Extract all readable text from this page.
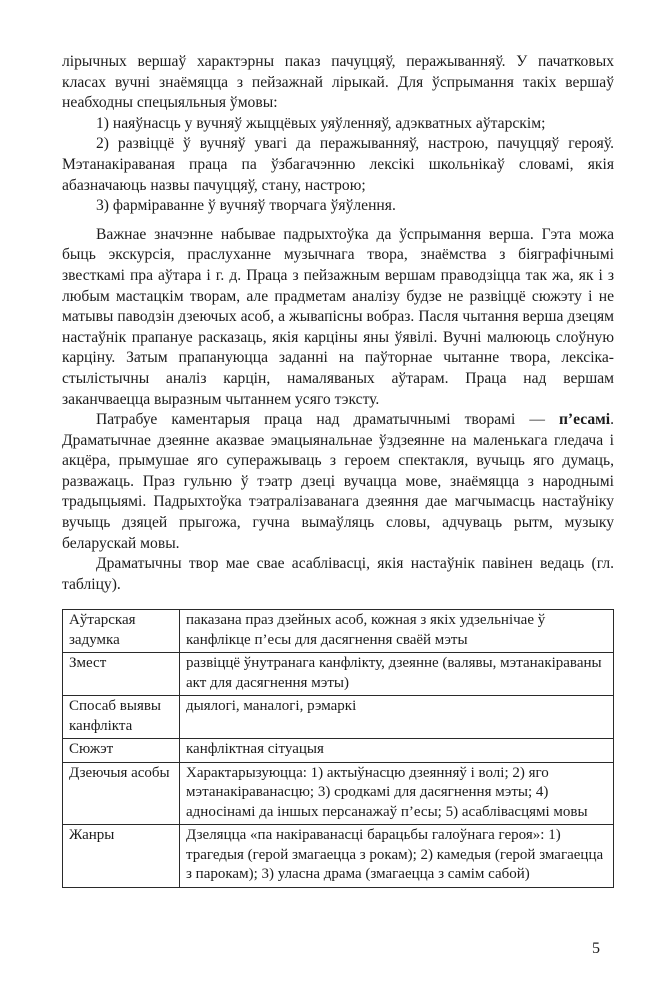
лірычных вершаў характэрны паказ пачуццяў, перажыванняў. У пачатковых класах вучні знаёмяцца з пейзажнай лірыкай. Для ўспрымання такіх вершаў неабходны спецыяльныя ўмовы:

1) наяўнасць у вучняў жыццёвых уяўленняў, адэкватных аўтарскім;

2) развіццё ў вучняў увагі да перажыванняў, настрою, пачуццяў герояў. Мэтанакіраваная праца па ўзбагачэнню лексікі школьнікаў словамі, якія абазначаюць назвы пачуццяў, стану, настрою;

3) фарміраванне ў вучняў творчага ўяўлення.

Важнае значэнне набывае падрыхтоўка да ўспрымання верша. Гэта можа быць экскурсія, праслуханне музычнага твора, знаёмства з біяграфічнымі звесткамі пра аўтара і г. д. Праца з пейзажным вершам праводзіцца так жа, як і з любым мастацкім творам, але прадметам аналізу будзе не развіццё сюжэту і не матывы паводзін дзеючых асоб, а жывапісны вобраз. Пасля чытання верша дзецям настаўнік прапануе расказаць, якія карціны яны ўявілі. Вучні малююць слоўную карціну. Затым прапануюцца заданні на паўторнае чытанне твора, лексіка-стылістычны аналіз карцін, намаляваных аўтарам. Праца над вершам заканчваецца выразным чытаннем усяго тэксту.

Патрабуе каментарыя праца над драматычнымі творамі — п’есамі. Драматычнае дзеянне аказвае эмацыянальнае ўздзеянне на маленькага гледача і акцёра, прымушае яго суперажываць з героем спектакля, вучыць яго думаць, разважаць. Праз гульню ў тэатр дзеці вучацца мове, знаёмяцца з народнымі традыцыямі. Падрыхтоўка тэатралізаванага дзеяння дае магчымасць настаўніку вучыць дзяцей прыгожа, гучна вымаўляць словы, адчуваць рытм, музыку беларускай мовы.

Драматычны твор мае свае асаблівасці, якія настаўнік павінен ведаць (гл. табліцу).

Аўтарская задумка	паказана праз дзейных асоб, кожная з якіх удзельнічае ў канфлікце п’есы для дасягнення сваёй мэты
Змест	развіццё ўнутранага канфлікту, дзеянне (валявы, мэтанакіраваны акт для дасягнення мэты)
Спосаб выявы канфлікта	дыялогі, маналогі, рэмаркі
Сюжэт	канфліктная сітуацыя
Дзеючыя асобы	Характарызуюцца: 1) актыўнасцю дзеянняў і волі; 2) яго мэтанакіраванасцю; 3) сродкамі для дасягнення мэты; 4) адносінамі да іншых персанажаў п’есы; 5) асаблівасцямі мовы
Жанры	Дзеляцца «па накіраванасці барацьбы галоўнага героя»: 1) трагедыя (герой змагаецца з рокам); 2) камедыя (герой змагаецца з парокам); 3) уласна драма (змагаецца з самім сабой)
5
